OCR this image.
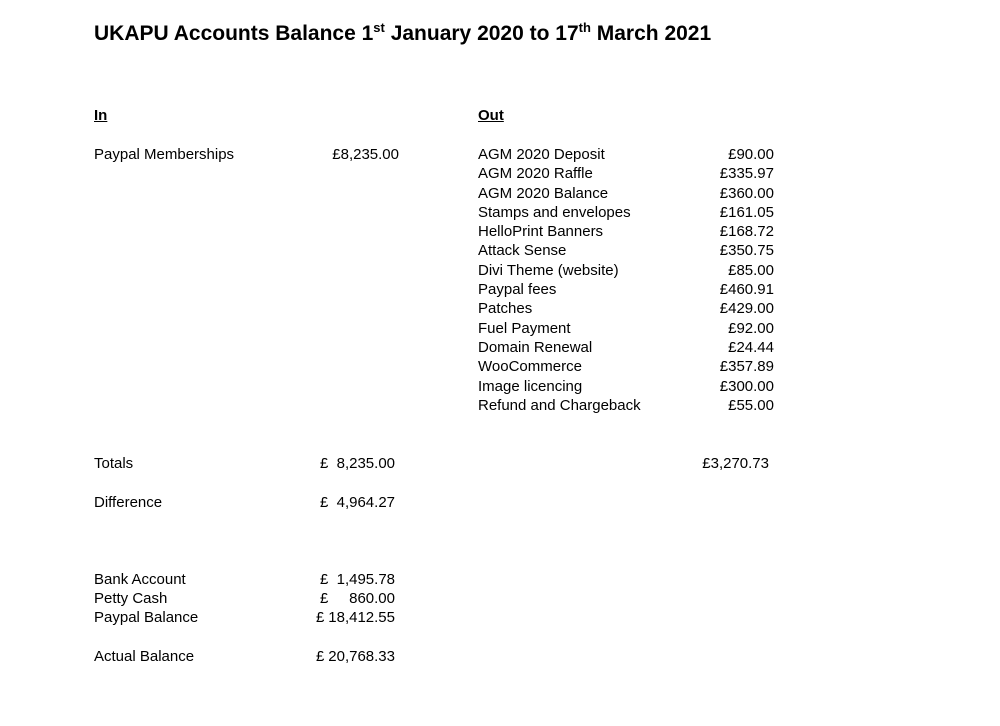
UKAPU Accounts Balance 1st January 2020 to 17th March 2021
In
Paypal Memberships	£8,235.00
Out
AGM 2020 Deposit	£90.00
AGM 2020 Raffle	£335.97
AGM 2020 Balance	£360.00
Stamps and envelopes	£161.05
HelloPrint Banners	£168.72
Attack Sense	£350.75
Divi Theme (website)	£85.00
Paypal fees	£460.91
Patches	£429.00
Fuel Payment	£92.00
Domain Renewal	£24.44
WooCommerce	£357.89
Image licencing	£300.00
Refund and Chargeback	£55.00
Totals	£ 8,235.00	£3,270.73
Difference	£ 4,964.27
Bank Account	£ 1,495.78
Petty Cash	£	860.00
Paypal Balance	£ 18,412.55
Actual Balance	£ 20,768.33
